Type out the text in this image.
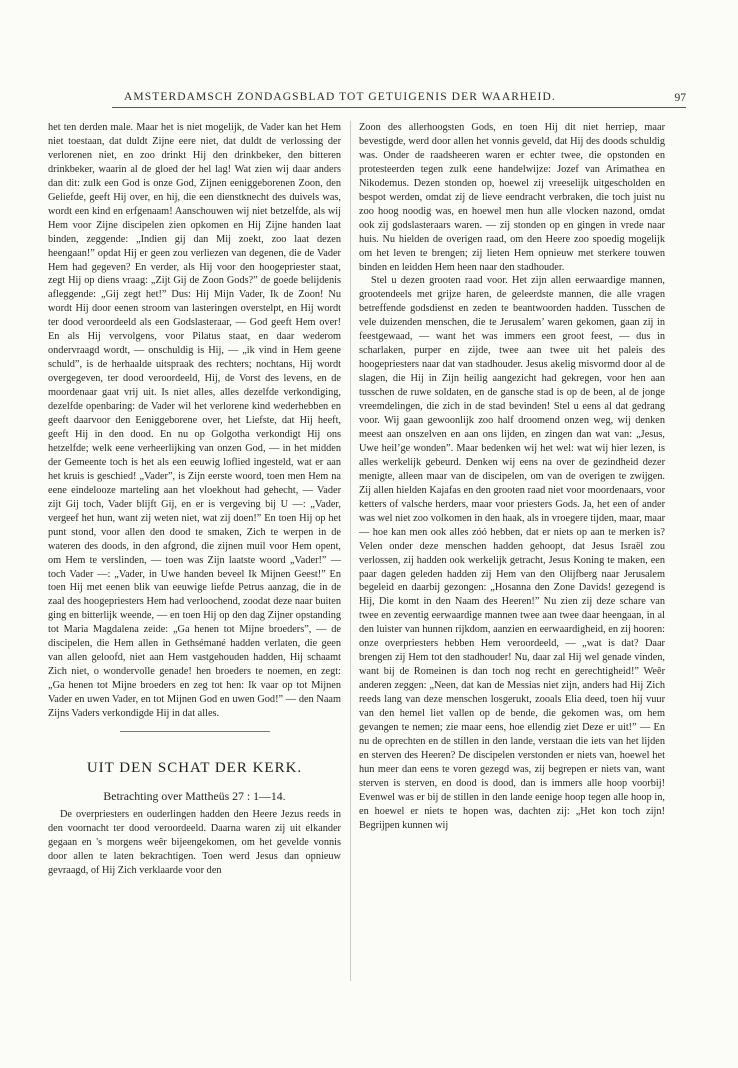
AMSTERDAMSCH ZONDAGSBLAD TOT GETUIGENIS DER WAARHEID.	97

het ten derden male. Maar het is niet mogelijk, de Vader kan het Hem niet toestaan, dat duldt Zijne eere niet, dat duldt de verlossing der verlorenen niet, en zoo drinkt Hij den drinkbeker, den bitteren drinkbeker, waarin al de gloed der hel lag! Wat zien wij daar anders dan dit: zulk een God is onze God, Zijnen eeniggeborenen Zoon, den Geliefde, geeft Hij over, en hij, die een dienstknecht des duivels was, wordt een kind en erfgenaam! Aanschouwen wij niet betzelfde, als wij Hem voor Zijne discipelen zien opkomen en Hij Zijne handen laat binden, zeggende: „Indien gij dan Mij zoekt, zoo laat dezen heengaan!” opdat Hij er geen zou verliezen van degenen, die de Vader Hem had gegeven? En verder, als Hij voor den hoogepriester staat, zegt Hij op diens vraag: „Zijt Gij de Zoon Gods?” de goede belijdenis afleggende: „Gij zegt het!” Dus: Hij Mijn Vader, Ik de Zoon! Nu wordt Hij door eenen stroom van lasteringen overstelpt, en Hij wordt ter dood veroordeeld als een Godslasteraar, — God geeft Hem over! En als Hij vervolgens, voor Pilatus staat, en daar wederom ondervraagd wordt, — onschuldig is Hij, — „ik vind in Hem geene schuld”, is de herhaalde uitspraak des rechters; nochtans, Hij wordt overgegeven, ter dood veroordeeld, Hij, de Vorst des levens, en de moordenaar gaat vrij uit. Is niet alles, alles dezelfde verkondiging, dezelfde openbaring: de Vader wil het verlorene kind wederhebben en geeft daarvoor den Eeniggeborene over, het Liefste, dat Hij heeft, geeft Hij in den dood. En nu op Golgotha verkondigt Hij ons hetzelfde; welk eene verheerlijking van onzen God, — in het midden der Gemeente toch is het als een eeuwig loflied ingesteld, wat er aan het kruis is geschied! „Vader”, is Zijn eerste woord, toen men Hem na eene eindelooze marteling aan het vloekhout had gehecht, — Vader zijt Gij toch, Vader blijft Gij, en er is vergeving bij U —: „Vader, vergeef het hun, want zij weten niet, wat zij doen!” En toen Hij op het punt stond, voor allen den dood te smaken, Zich te werpen in de wateren des doods, in den afgrond, die zijnen muil voor Hem opent, om Hem te verslinden, — toen was Zijn laatste woord „Vader!” — toch Vader —: „Vader, in Uwe handen beveel Ik Mijnen Geest!” En toen Hij met eenen blik van eeuwige liefde Petrus aanzag, die in de zaal des hoogepriesters Hem had verloochend, zoodat deze naar buiten ging en bitterlijk weende, — en toen Hij op den dag Zijner opstanding tot Maria Magdalena zeide: „Ga henen tot Mijne broeders”, — de discipelen, die Hem allen in Gethsémané hadden verlaten, die geen van allen geloofd, niet aan Hem vastgehouden hadden, Hij schaamt Zich niet, o wondervolle genade! hen broeders te noemen, en zegt: „Ga henen tot Mijne broeders en zeg tot hen: Ik vaar op tot Mijnen Vader en uwen Vader, en tot Mijnen God en uwen God!” — den Naam Zijns Vaders verkondigde Hij in dat alles.

UIT DEN SCHAT DER KERK.
Betrachting over Mattheüs 27 : 1—14.

De overpriesters en ouderlingen hadden den Heere Jezus reeds in den voornacht ter dood veroordeeld. Daarna waren zij uit elkander gegaan en 's morgens weêr bijeengekomen, om het gevelde vonnis door allen te laten bekrachtigen. Toen werd Jesus dan opnieuw gevraagd, of Hij Zich verklaarde voor den

Zoon des allerhoogsten Gods, en toen Hij dit niet herriep, maar bevestigde, werd door allen het vonnis geveld, dat Hij des doods schuldig was. Onder de raadsheeren waren er echter twee, die opstonden en protesteerden tegen zulk eene handelwijze: Jozef van Arimathea en Nikodemus. Dezen stonden op, hoewel zij vreeselijk uitgescholden en bespot werden, omdat zij de lieve eendracht verbraken, die toch juist nu zoo hoog noodig was, en hoewel men hun alle vlocken nazond, omdat ook zij godslasteraars waren. — zij stonden op en gingen in vrede naar huis. Nu hielden de overigen raad, om den Heere zoo spoedig mogelijk om het leven te brengen; zij lieten Hem opnieuw met sterkere touwen binden en leidden Hem heen naar den stadhouder.

Stel u dezen grooten raad voor. Het zijn allen eerwaardige mannen, grootendeels met grijze haren, de geleerdste mannen, die alle vragen betreffende godsdienst en zeden te beantwoorden hadden. Tusschen de vele duizenden menschen, die te Jerusalem’ waren gekomen, gaan zij in feestgewaad, — want het was immers een groot feest, — dus in scharlaken, purper en zijde, twee aan twee uit het paleis des hoogepriesters naar dat van stadhouder. Jesus akelig misvormd door al de slagen, die Hij in Zijn heilig aangezicht had gekregen, voor hen aan tusschen de ruwe soldaten, en de gansche stad is op de been, al de jonge vreemdelingen, die zich in de stad bevinden! Stel u eens al dat gedrang voor. Wij gaan gewoonlijk zoo half droomend onzen weg, wij denken meest aan onszelven en aan ons lijden, en zingen dan wat van: „Jesus, Uwe heil’ge wonden”. Maar bedenken wij het wel: wat wij hier lezen, is alles werkelijk gebeurd. Denken wij eens na over de gezindheid dezer menigte, alleen maar van de discipelen, om van de overigen te zwijgen. Zij allen hielden Kajafas en den grooten raad niet voor moordenaars, voor ketters of valsche herders, maar voor priesters Gods. Ja, het een of ander was wel niet zoo volkomen in den haak, als in vroegere tijden, maar, maar — hoe kan men ook alles zóó hebben, dat er niets op aan te merken is? Velen onder deze menschen hadden gehoopt, dat Jesus Israël zou verlossen, zij hadden ook werkelijk getracht, Jesus Koning te maken, een paar dagen geleden hadden zij Hem van den Olijfberg naar Jerusalem begeleid en daarbij gezongen: „Hosanna den Zone Davids! gezegend is Hij, Die komt in den Naam des Heeren!” Nu zien zij deze schare van twee en zeventig eerwaardige mannen twee aan twee daar heengaan, in al den luister van hunnen rijkdom, aanzien en eerwaardigheid, en zij hooren: onze overpriesters hebben Hem veroordeeld, — „wat is dat? Daar brengen zij Hem tot den stadhouder! Nu, daar zal Hij wel genade vinden, want bij de Romeinen is dan toch nog recht en gerechtigheid!” Weêr anderen zeggen: „Neen, dat kan de Messias niet zijn, anders had Hij Zich reeds lang van deze menschen losgerukt, zooals Elia deed, toen hij vuur van den hemel liet vallen op de bende, die gekomen was, om hem gevangen te nemen; zie maar eens, hoe ellendig ziet Deze er uit!” — En nu de oprechten en de stillen in den lande, verstaan die iets van het lijden en sterven des Heeren? De discipelen verstonden er niets van, hoewel het hun meer dan eens te voren gezegd was, zij begrepen er niets van, want sterven is sterven, en dood is dood, dan is immers alle hoop voorbij! Evenwel was er bij de stillen in den lande eenige hoop tegen alle hoop in, en hoewel er niets te hopen was, dachten zij: „Het kon toch zijn! Begrijpen kunnen wij
